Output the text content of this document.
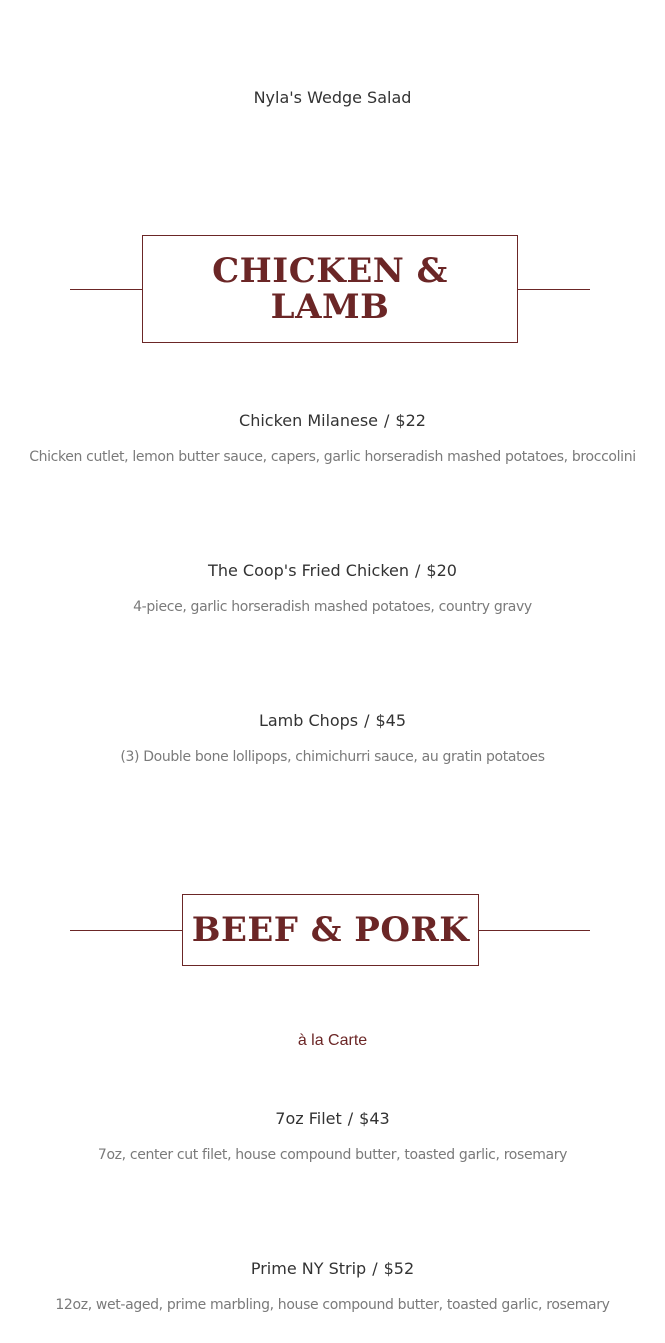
Nyla's Wedge Salad
CHICKEN &
LAMB
Chicken Milanese / $22
Chicken cutlet, lemon butter sauce, capers, garlic horseradish mashed potatoes, broccolini
The Coop's Fried Chicken / $20
4-piece, garlic horseradish mashed potatoes, country gravy
Lamb Chops / $45
(3) Double bone lollipops, chimichurri sauce, au gratin potatoes
BEEF & PORK
à la Carte
7oz Filet / $43
7oz, center cut filet, house compound butter, toasted garlic, rosemary
Prime NY Strip / $52
12oz, wet-aged, prime marbling, house compound butter, toasted garlic, rosemary
